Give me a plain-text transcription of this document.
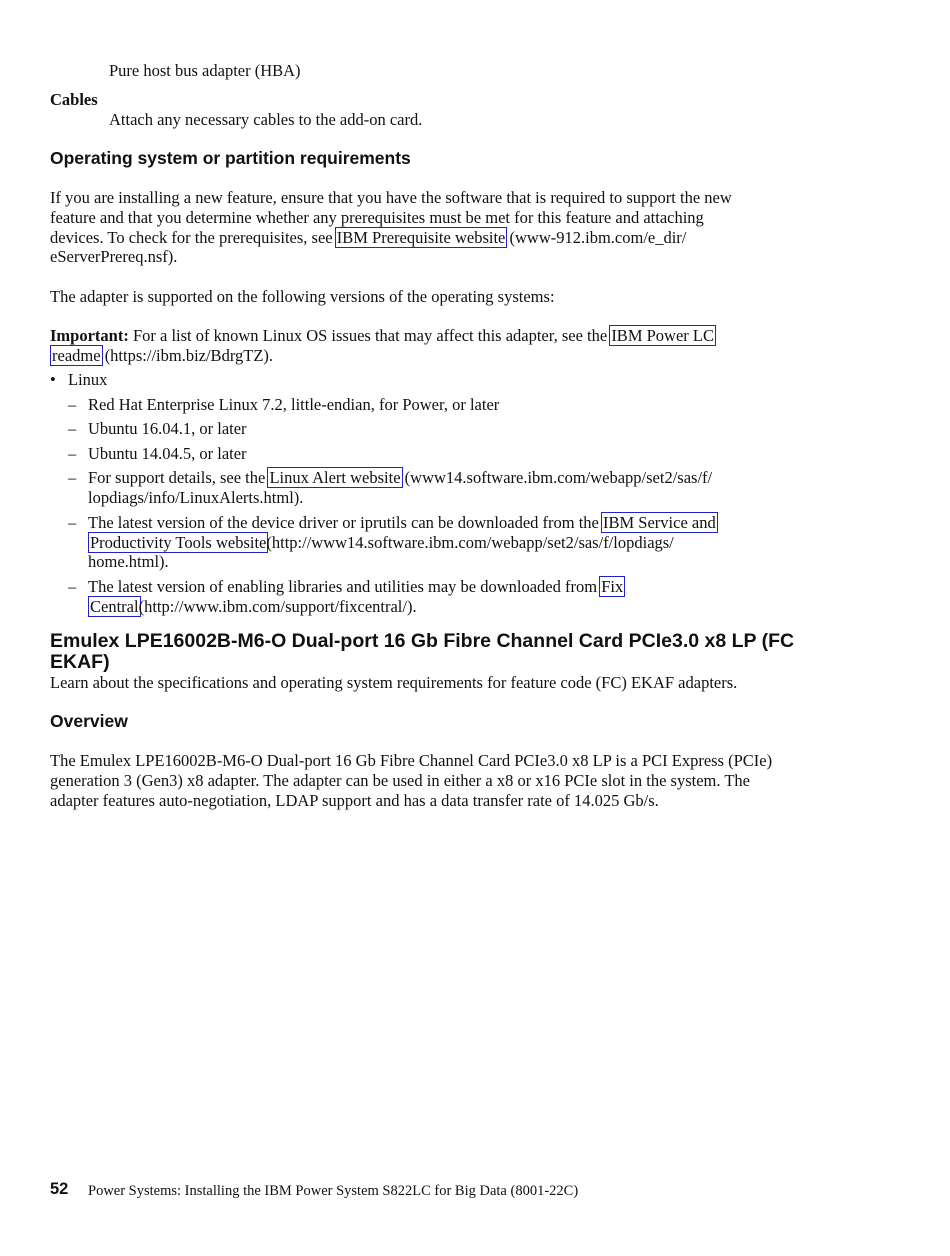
Pure host bus adapter (HBA)

Cables

Attach any necessary cables to the add-on card.

Operating system or partition requirements

If you are installing a new feature, ensure that you have the software that is required to support the new

feature and that you determine whether any prerequisites must be met for this feature and attaching

devices. To check for the prerequisites, see IBM Prerequisite website (www-912.ibm.com/e_dir/

eServerPrereq.nsf).

The adapter is supported on the following versions of the operating systems:

Important: For a list of known Linux OS issues that may affect this adapter, see the IBM Power LC

readme (https://ibm.biz/BdrgTZ).

• Linux

– Red Hat Enterprise Linux 7.2, little-endian, for Power, or later

– Ubuntu 16.04.1, or later

– Ubuntu 14.04.5, or later

– For support details, see the Linux Alert website (www14.software.ibm.com/webapp/set2/sas/f/

lopdiags/info/LinuxAlerts.html).

– The latest version of the device driver or iprutils can be downloaded from the IBM Service and

Productivity Tools website(http://www14.software.ibm.com/webapp/set2/sas/f/lopdiags/

home.html).

– The latest version of enabling libraries and utilities may be downloaded from Fix

Central(http://www.ibm.com/support/fixcentral/).

Emulex LPE16002B-M6-O Dual-port 16 Gb Fibre Channel Card PCIe3.0 x8 LP (FC
EKAF)

Learn about the specifications and operating system requirements for feature code (FC) EKAF adapters.

Overview

The Emulex LPE16002B-M6-O Dual-port 16 Gb Fibre Channel Card PCIe3.0 x8 LP is a PCI Express (PCIe)

generation 3 (Gen3) x8 adapter. The adapter can be used in either a x8 or x16 PCIe slot in the system. The

adapter features auto-negotiation, LDAP support and has a data transfer rate of 14.025 Gb/s.

52 Power Systems: Installing the IBM Power System S822LC for Big Data (8001-22C)
